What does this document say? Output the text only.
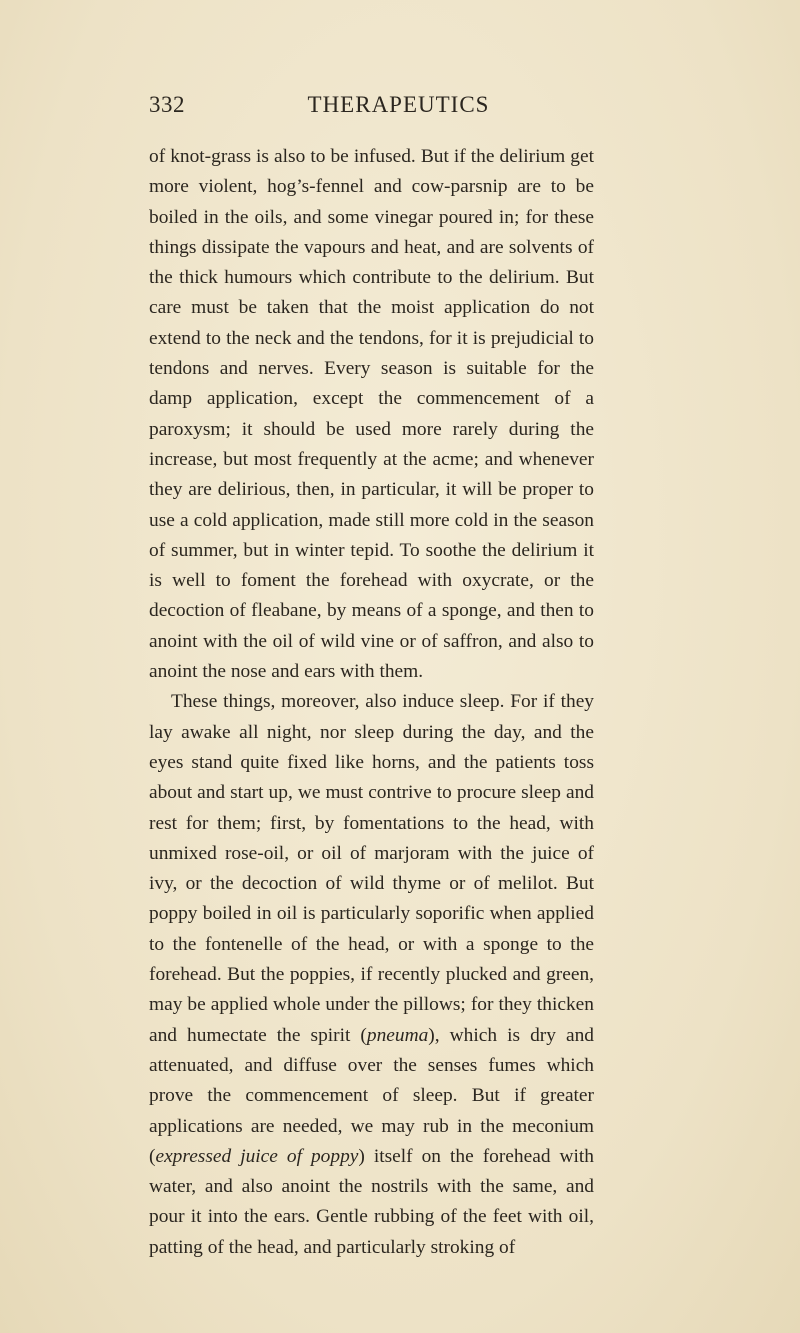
332	THERAPEUTICS

of knot-grass is also to be infused. But if the delirium get more violent, hog’s-fennel and cow-parsnip are to be boiled in the oils, and some vinegar poured in; for these things dissipate the vapours and heat, and are solvents of the thick humours which contribute to the delirium. But care must be taken that the moist application do not extend to the neck and the tendons, for it is prejudicial to tendons and nerves. Every season is suitable for the damp application, except the commencement of a paroxysm; it should be used more rarely during the increase, but most frequently at the acme; and whenever they are delirious, then, in particular, it will be proper to use a cold application, made still more cold in the season of summer, but in winter tepid. To soothe the delirium it is well to foment the forehead with oxycrate, or the decoction of fleabane, by means of a sponge, and then to anoint with the oil of wild vine or of saffron, and also to anoint the nose and ears with them.

These things, moreover, also induce sleep. For if they lay awake all night, nor sleep during the day, and the eyes stand quite fixed like horns, and the patients toss about and start up, we must contrive to procure sleep and rest for them; first, by fomentations to the head, with unmixed rose-oil, or oil of marjoram with the juice of ivy, or the decoction of wild thyme or of melilot. But poppy boiled in oil is particularly soporific when applied to the fontenelle of the head, or with a sponge to the forehead. But the poppies, if recently plucked and green, may be applied whole under the pillows; for they thicken and humectate the spirit (pneuma), which is dry and attenuated, and diffuse over the senses fumes which prove the commencement of sleep. But if greater applications are needed, we may rub in the meconium (expressed juice of poppy) itself on the forehead with water, and also anoint the nostrils with the same, and pour it into the ears. Gentle rubbing of the feet with oil, patting of the head, and particularly stroking of
